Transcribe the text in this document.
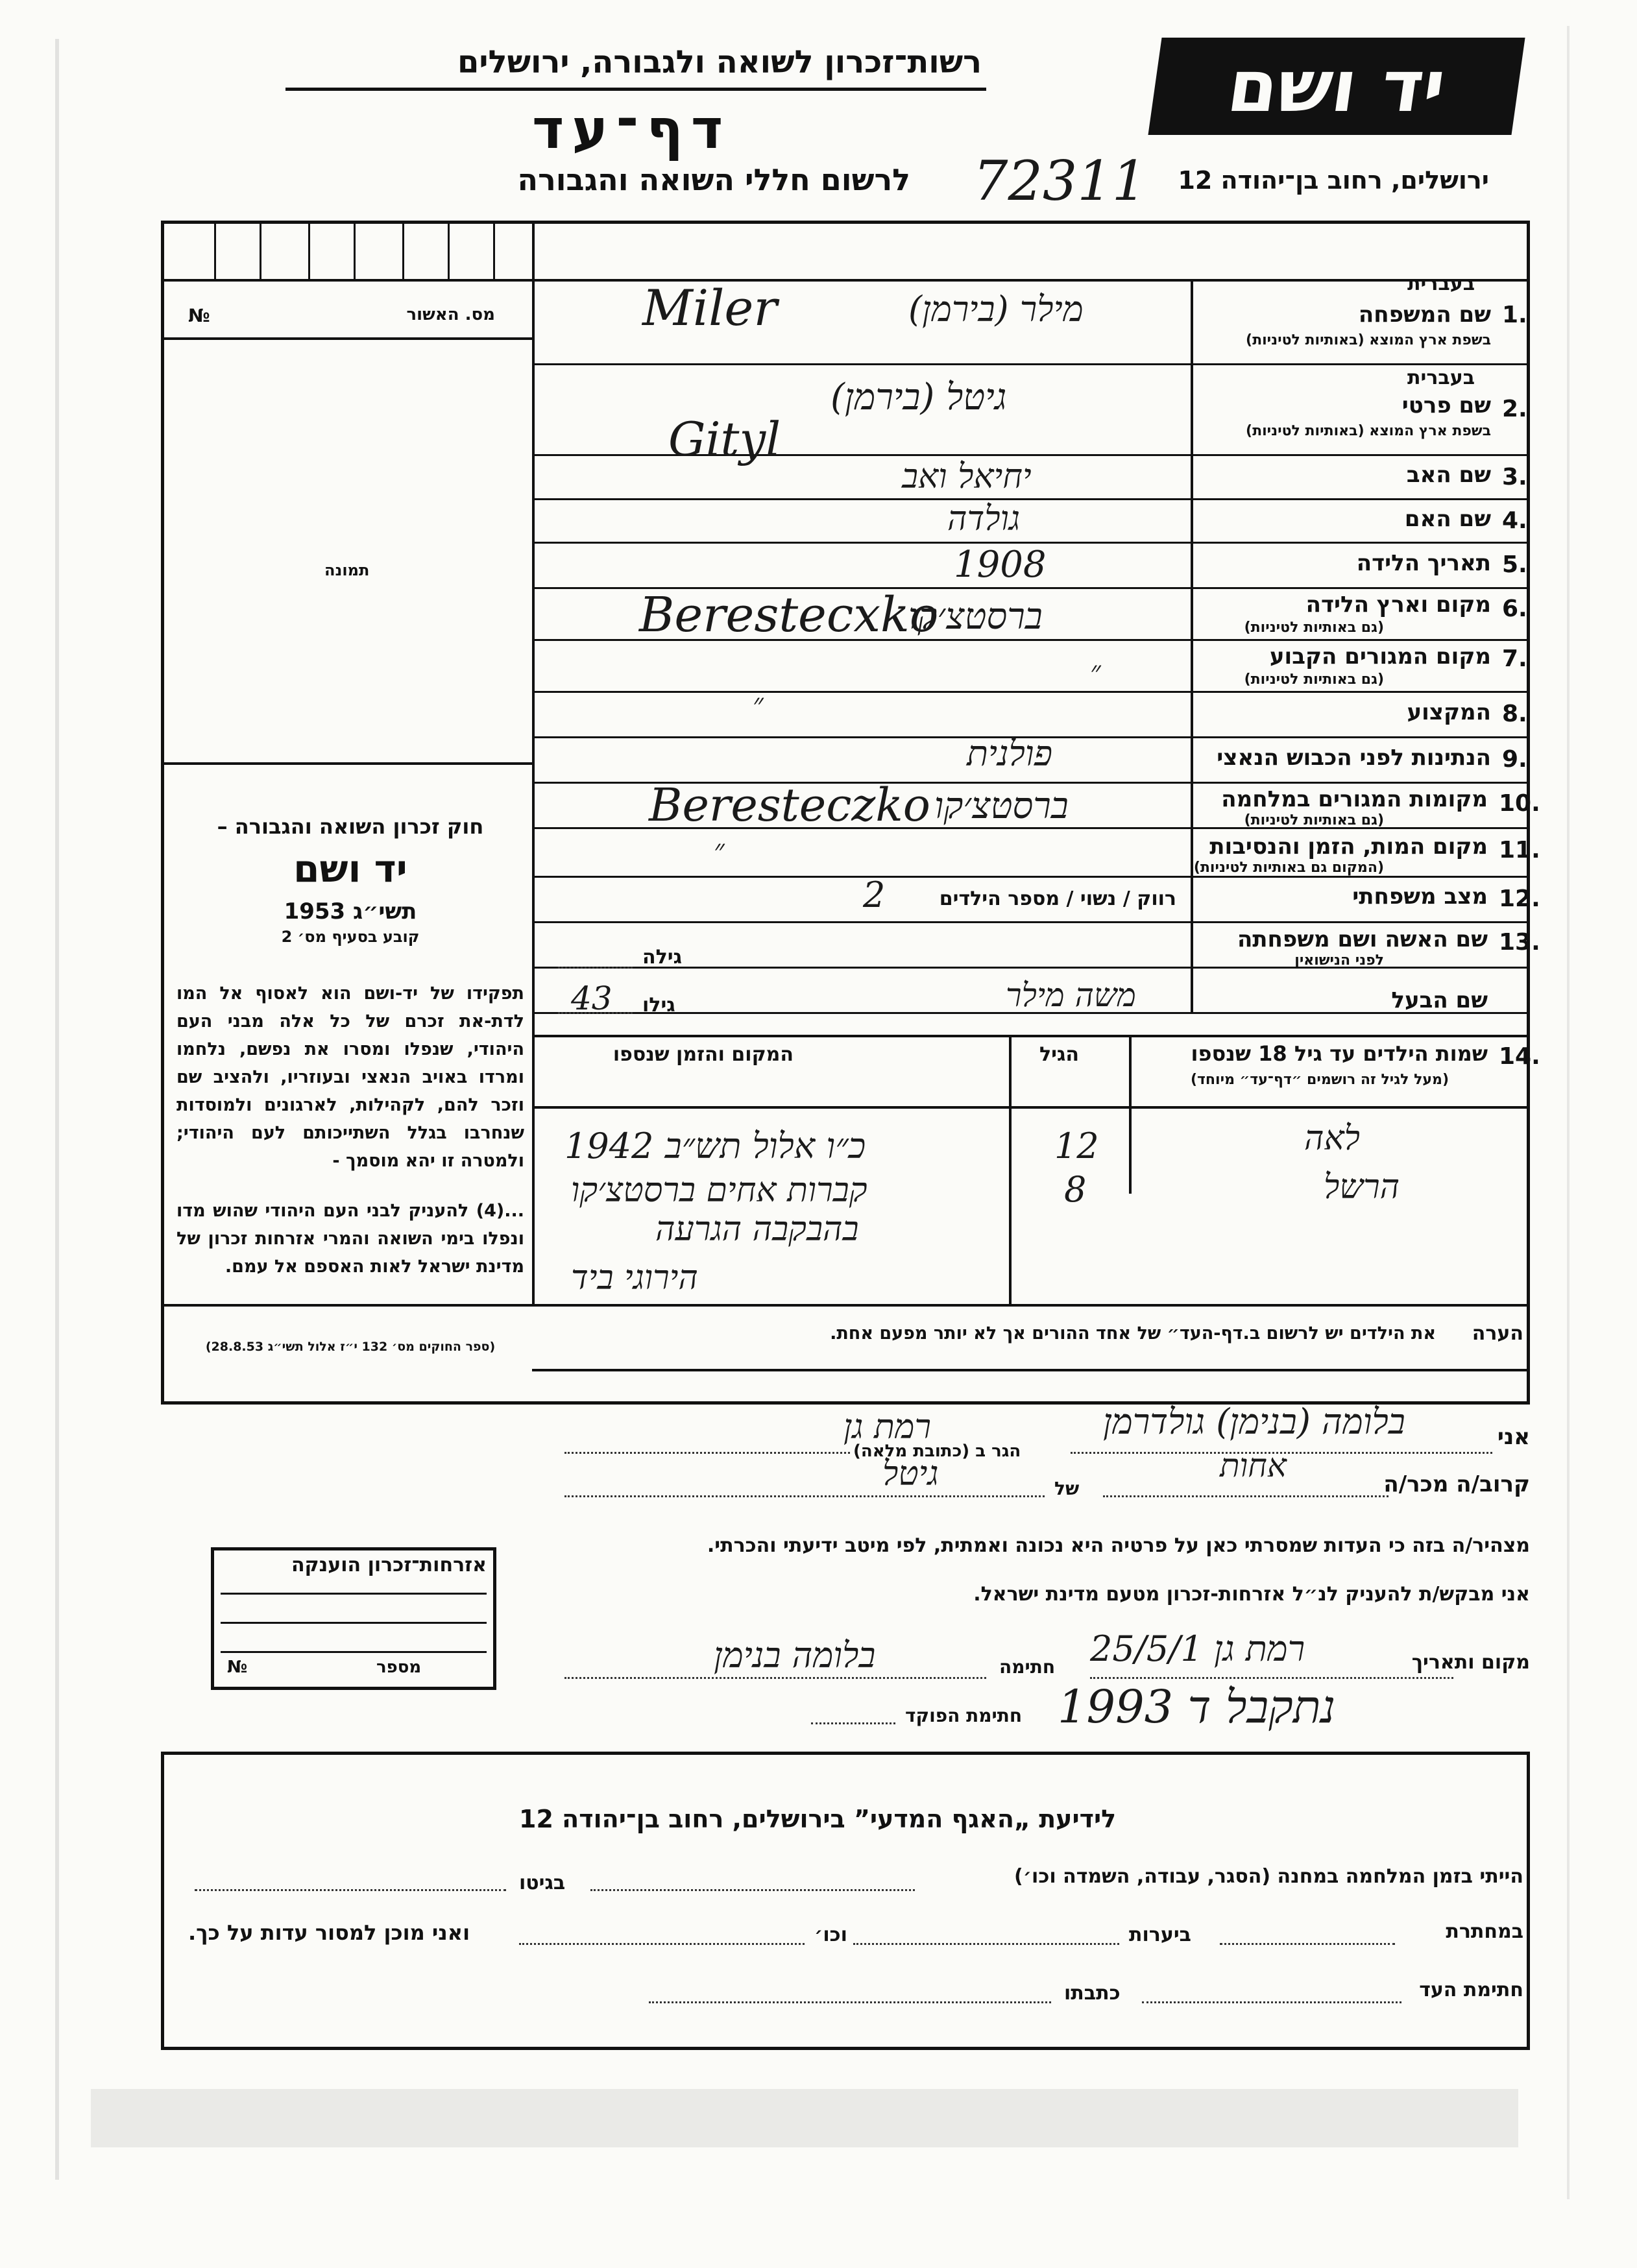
רשות־זכרון לשואה ולגבורה, ירושלים
דף־עד
לרשום חללי השואה והגבורה 72311 ירושלים, רחוב בן־יהודה 12
יד ושם
מס. האשור
№
תמונה
חוק זכרון השואה והגבורה –
יד ושם
תשי״ג 1953
קובע בסעיף מס׳ 2
תפקידו של יד-ושם הוא לאסוף אל המו לדת-את זכרם של כל אלה מבני העם היהודי, שנפלו ומסרו את נפשם, נלחמו ומרדו באויב הנאצי ובעוזריו, ולהציב שם וזכר להם, לקהילות, לארגונים ולמוסדות שנחרבו בגלל השתייכותם לעם היהודי; ולמטרה זו יהא מוסמך -
...(4) להעניק לבני העם היהודי שהוש מדו ונפלו בימי השואה והמרי אזרחות זכרון של מדינת ישראל לאות האספם אל עמם.
(ספר החוקים מס׳ 132 י״ז אלול תשי״ג 28.8.53)
אזרחות־זכרון הוענקה
№	מספר
בעברית
1.
שם המשפחה
בשפת ארץ המוצא (באותיות לטיניות)
מילר (בירמן)
Miler
בעברית
2.
שם פרטי
בשפת ארץ המוצא (באותיות לטיניות)
גיטל (בירמן)
Gityl
3.
שם האב
יחיאל ואב
4.
שם האם
גולדה
5.
תאריך הלידה
1908
6.
מקום וארץ הלידה
(גם באותיות לטיניות)
ברסטצ׳קו
Berestecxko
7.
מקום המגורים הקבוע
(גם באותיות לטיניות)
״
8.
המקצוע
״
9.
הנתינות לפני הכבוש הנאצי
פולנית
10.
מקומות המגורים במלחמה
(גם באותיות לטיניות)
ברסטצ׳קו
Beresteczko
11.
מקום המות, הזמן והנסיבות
(המקום גם באותיות לטיניות)
״
12.
מצב משפחתי
רווק / נשוי / מספר הילדים
2
13.
שם האשה ושם משפחתה
לפני הנישואין
גילה
שם הבעל
משה מילר
גילו
43
14.
שמות הילדים עד גיל 18 שנספו
(מעל לגיל זה רושמים ״דף־עד״ מיוחד)
הגיל
המקום והזמן שנספו
לאה
12
כ״ו אלול תש״ב 1942
הרשל
8
קברות אחים ברסטצ׳קו
בהבקבה הגרעה
הירוגי ביד
הערה
את הילדים יש לרשום ב.דף-העד״ של אחד ההורים אך לא יותר מפעם אחת.
אני
בלומה (בנימן) גולדרמן
הגר ב (כתובת מלאה)
רמת גן
קרוב/ה מכר/ה
אחות
של
גיטל
מצהיר/ה בזה כי העדות שמסרתי כאן על פרטיה היא נכונה ואמתית, לפי מיטב ידיעתי והכרתי.
אני מבקש/ת להעניק לנ״ל אזרחות-זכרון מטעם מדינת ישראל.
מקום ותאריך
רמת גן 25/5/1
חתימה
בלומה בנימן
חתימת הפוקד נתקבל ד 1993
לידיעת „האגף המדעי” בירושלים, רחוב בן־יהודה 12
הייתי בזמן המלחמה במחנה (הסגר, עבודה, השמדה וכו׳)
בגיטו
במחתרת
ביערות
וכו׳
ואני מוכן למסור עדות על כך.
חתימת העד
כתבתו
